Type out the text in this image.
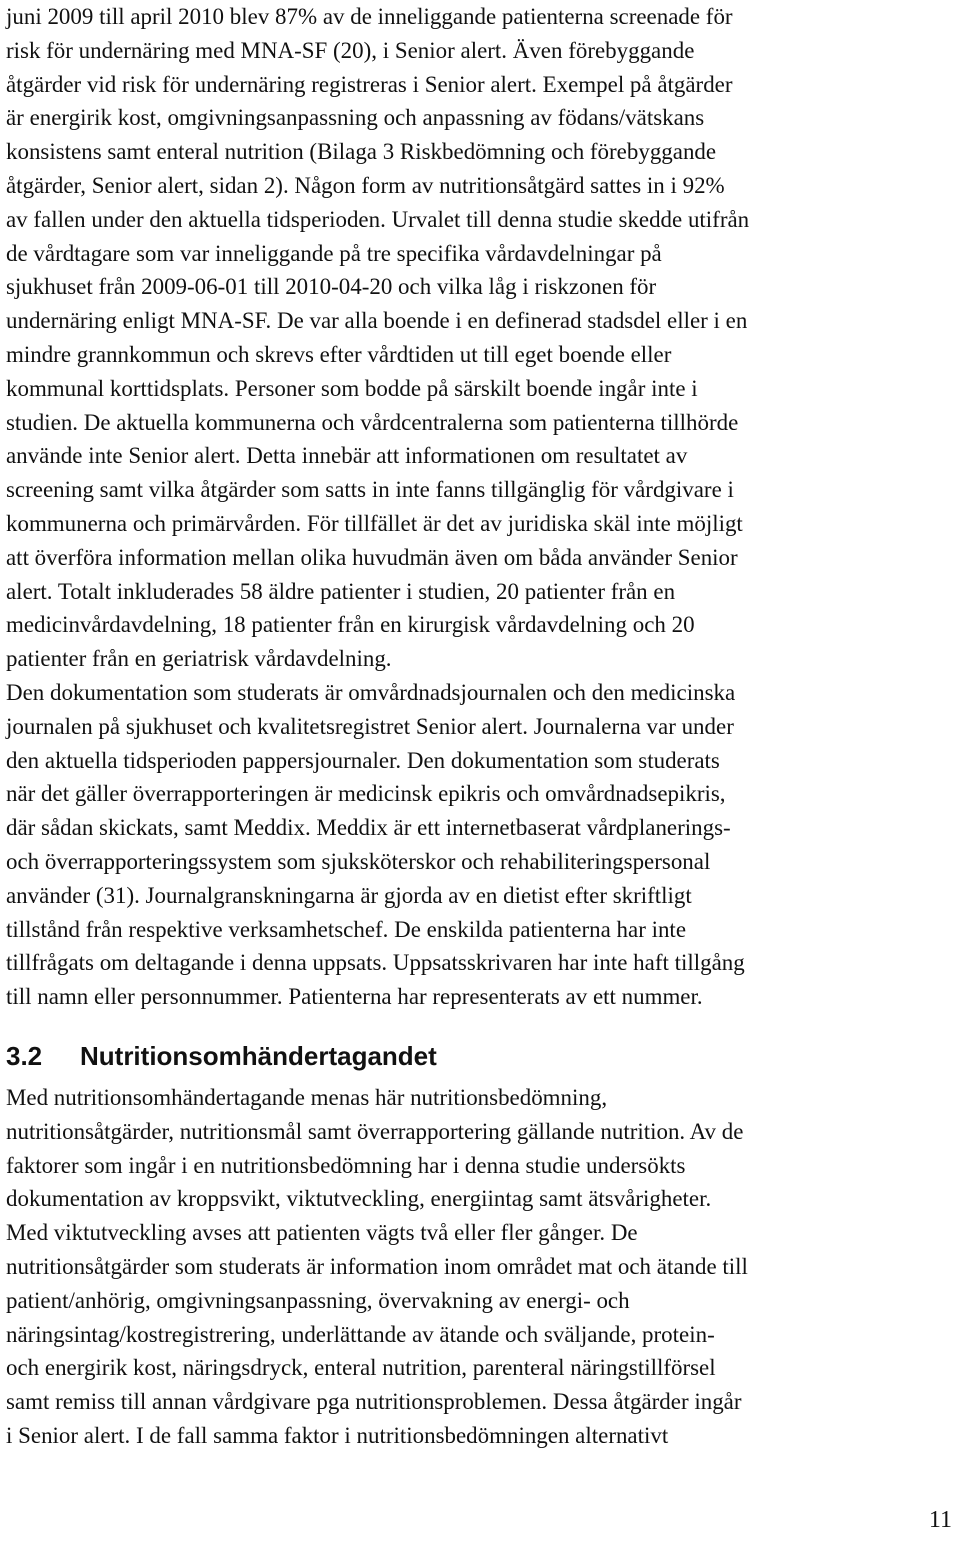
juni 2009 till april 2010 blev 87% av de inneliggande patienterna screenade för
risk för undernäring med MNA-SF (20), i Senior alert. Även förebyggande
åtgärder vid risk för undernäring registreras i Senior alert. Exempel på åtgärder
är energirik kost, omgivningsanpassning och anpassning av födans/vätskans
konsistens samt enteral nutrition (Bilaga 3 Riskbedömning och förebyggande
åtgärder, Senior alert, sidan 2). Någon form av nutritionsåtgärd sattes in i 92%
av fallen under den aktuella tidsperioden. Urvalet till denna studie skedde utifrån
de vårdtagare som var inneliggande på tre specifika vårdavdelningar på
sjukhuset från 2009-06-01 till 2010-04-20 och vilka låg i riskzonen för
undernäring enligt MNA-SF. De var alla boende i en definerad stadsdel eller i en
mindre grannkommun och skrevs efter vårdtiden ut till eget boende eller
kommunal korttidsplats. Personer som bodde på särskilt boende ingår inte i
studien. De aktuella kommunerna och vårdcentralerna som patienterna tillhörde
använde inte Senior alert. Detta innebär att informationen om resultatet av
screening samt vilka åtgärder som satts in inte fanns tillgänglig för vårdgivare i
kommunerna och primärvården. För tillfället är det av juridiska skäl inte möjligt
att överföra information mellan olika huvudmän även om båda använder Senior
alert. Totalt inkluderades 58 äldre patienter i studien, 20 patienter från en
medicinvårdavdelning, 18 patienter från en kirurgisk vårdavdelning och 20
patienter från en geriatrisk vårdavdelning.
Den dokumentation som studerats är omvårdnadsjournalen och den medicinska
journalen på sjukhuset och kvalitetsregistret Senior alert. Journalerna var under
den aktuella tidsperioden pappersjournaler. Den dokumentation som studerats
när det gäller överrapporteringen är medicinsk epikris och omvårdnadsepikris,
där sådan skickats, samt Meddix. Meddix är ett internetbaserat vårdplanerings-
och överrapporteringssystem som sjuksköterskor och rehabiliteringspersonal
använder (31). Journalgranskningarna är gjorda av en dietist efter skriftligt
tillstånd från respektive verksamhetschef. De enskilda patienterna har inte
tillfrågats om deltagande i denna uppsats. Uppsatsskrivaren har inte haft tillgång
till namn eller personnummer. Patienterna har representerats av ett nummer.
3.2 Nutritionsomhändertagandet
Med nutritionsomhändertagande menas här nutritionsbedömning,
nutritionsåtgärder, nutritionsmål samt överrapportering gällande nutrition. Av de
faktorer som ingår i en nutritionsbedömning har i denna studie undersökts
dokumentation av kroppsvikt, viktutveckling, energiintag samt ätsvårigheter.
Med viktutveckling avses att patienten vägts två eller fler gånger. De
nutritionsåtgärder som studerats är information inom området mat och ätande till
patient/anhörig, omgivningsanpassning, övervakning av energi- och
näringsintag/kostregistrering, underlättande av ätande och sväljande, protein-
och energirik kost, näringsdryck, enteral nutrition, parenteral näringstillförsel
samt remiss till annan vårdgivare pga nutritionsproblemen. Dessa åtgärder ingår
i Senior alert. I de fall samma faktor i nutritionsbedömningen alternativt
11
